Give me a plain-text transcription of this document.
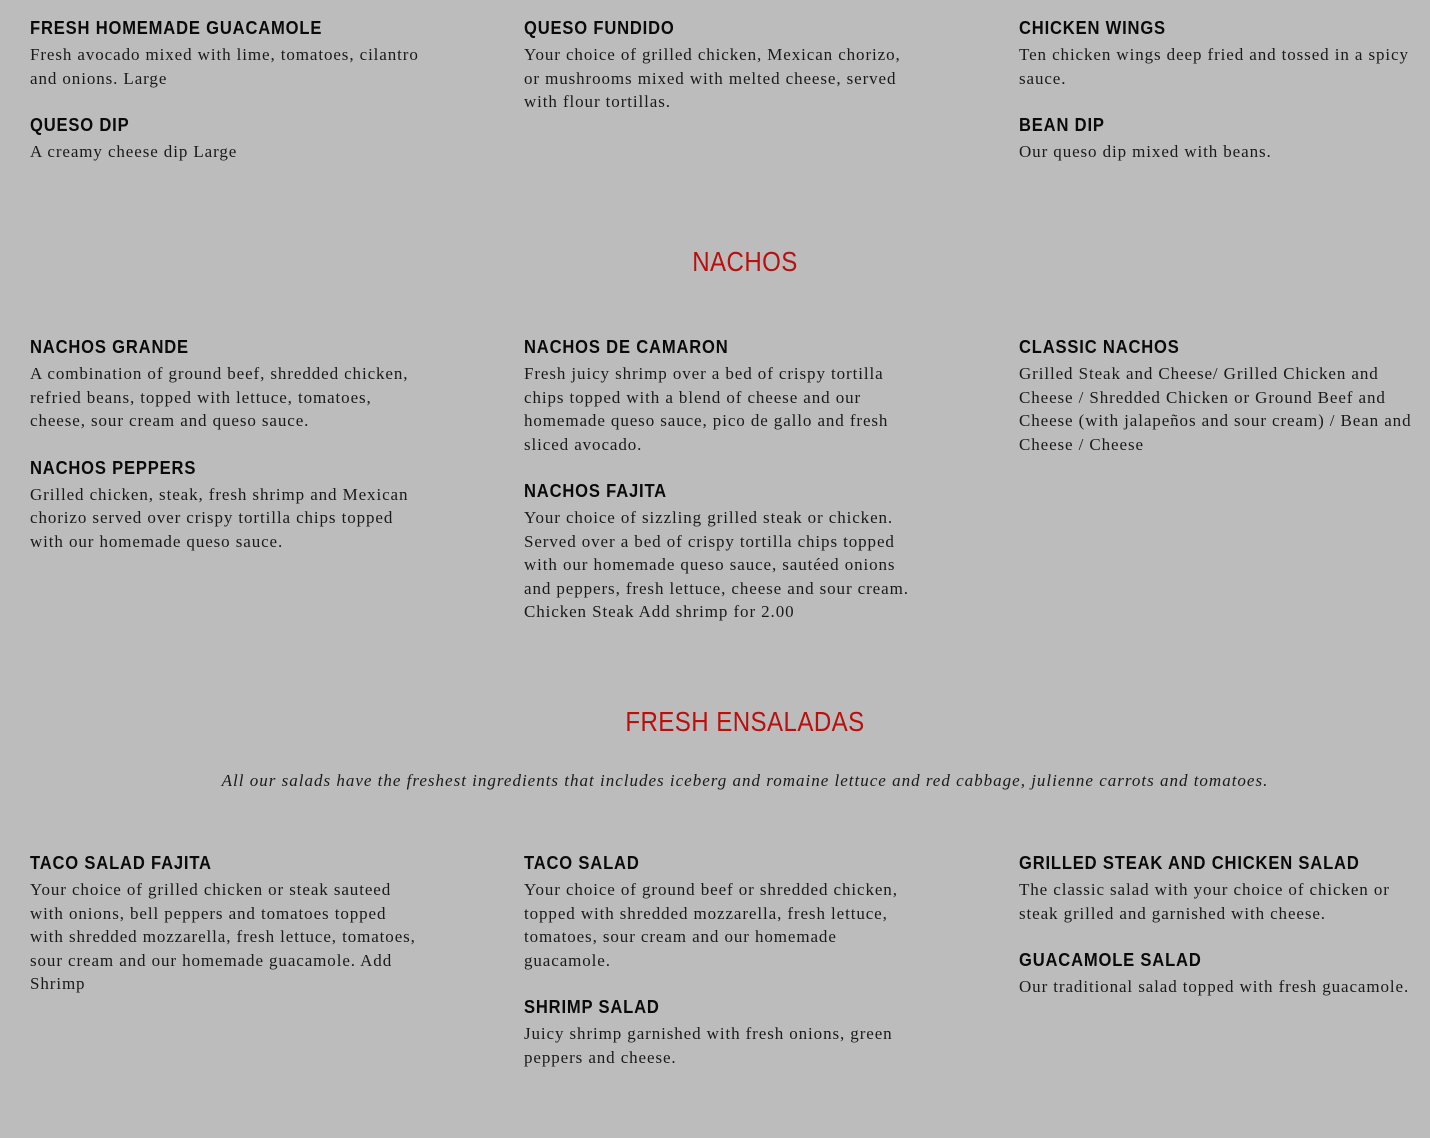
FRESH HOMEMADE GUACAMOLE

Fresh avocado mixed with lime, tomatoes, cilantro and onions. Large

QUESO DIP

A creamy cheese dip Large

QUESO FUNDIDO

Your choice of grilled chicken, Mexican chorizo, or mushrooms mixed with melted cheese, served with flour tortillas.

CHICKEN WINGS

Ten chicken wings deep fried and tossed in a spicy sauce.

BEAN DIP

Our queso dip mixed with beans.

NACHOS
NACHOS GRANDE

A combination of ground beef, shredded chicken, refried beans, topped with lettuce, tomatoes, cheese, sour cream and queso sauce.

NACHOS PEPPERS

Grilled chicken, steak, fresh shrimp and Mexican chorizo served over crispy tortilla chips topped with our homemade queso sauce.

NACHOS DE CAMARON

Fresh juicy shrimp over a bed of crispy tortilla chips topped with a blend of cheese and our homemade queso sauce, pico de gallo and fresh sliced avocado.

NACHOS FAJITA

Your choice of sizzling grilled steak or chicken. Served over a bed of crispy tortilla chips topped with our homemade queso sauce, sautéed onions and peppers, fresh lettuce, cheese and sour cream. Chicken Steak Add shrimp for 2.00

CLASSIC NACHOS

Grilled Steak and Cheese/ Grilled Chicken and Cheese / Shredded Chicken or Ground Beef and Cheese (with jalapeños and sour cream) / Bean and Cheese / Cheese

FRESH ENSALADAS

All our salads have the freshest ingredients that includes iceberg and romaine lettuce and red cabbage, julienne carrots and tomatoes.

TACO SALAD FAJITA

Your choice of grilled chicken or steak sauteed with onions, bell peppers and tomatoes topped with shredded mozzarella, fresh lettuce, tomatoes, sour cream and our homemade guacamole. Add Shrimp

TACO SALAD

Your choice of ground beef or shredded chicken, topped with shredded mozzarella, fresh lettuce, tomatoes, sour cream and our homemade guacamole.

SHRIMP SALAD

Juicy shrimp garnished with fresh onions, green peppers and cheese.

GRILLED STEAK AND CHICKEN SALAD

The classic salad with your choice of chicken or steak grilled and garnished with cheese.

GUACAMOLE SALAD

Our traditional salad topped with fresh guacamole.
